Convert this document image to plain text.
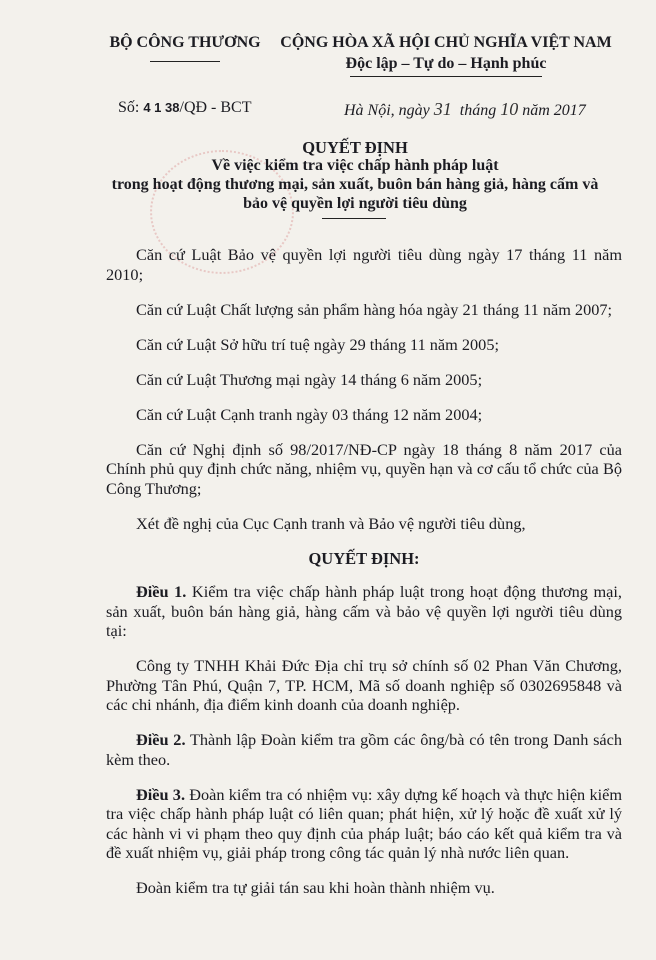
BỘ CÔNG THƯƠNG	CỘNG HÒA XÃ HỘI CHỦ NGHĨA VIỆT NAM
Độc lập – Tự do – Hạnh phúc
Số: 4 1 38/QĐ - BCT	Hà Nội, ngày 31 tháng 10 năm 2017
QUYẾT ĐỊNH
Về việc kiểm tra việc chấp hành pháp luật
trong hoạt động thương mại, sản xuất, buôn bán hàng giả, hàng cấm và
bảo vệ quyền lợi người tiêu dùng

Căn cứ Luật Bảo vệ quyền lợi người tiêu dùng ngày 17 tháng 11 năm 2010;

Căn cứ Luật Chất lượng sản phẩm hàng hóa ngày 21 tháng 11 năm 2007;

Căn cứ Luật Sở hữu trí tuệ ngày 29 tháng 11 năm 2005;

Căn cứ Luật Thương mại ngày 14 tháng 6 năm 2005;

Căn cứ Luật Cạnh tranh ngày 03 tháng 12 năm 2004;

Căn cứ Nghị định số 98/2017/NĐ-CP ngày 18 tháng 8 năm 2017 của Chính phủ quy định chức năng, nhiệm vụ, quyền hạn và cơ cấu tổ chức của Bộ Công Thương;

Xét đề nghị của Cục Cạnh tranh và Bảo vệ người tiêu dùng,

QUYẾT ĐỊNH:

Điều 1. Kiểm tra việc chấp hành pháp luật trong hoạt động thương mại, sản xuất, buôn bán hàng giả, hàng cấm và bảo vệ quyền lợi người tiêu dùng tại:

Công ty TNHH Khải Đức Địa chỉ trụ sở chính số 02 Phan Văn Chương, Phường Tân Phú, Quận 7, TP. HCM, Mã số doanh nghiệp số 0302695848 và các chi nhánh, địa điểm kinh doanh của doanh nghiệp.

Điều 2. Thành lập Đoàn kiểm tra gồm các ông/bà có tên trong Danh sách kèm theo.

Điều 3. Đoàn kiểm tra có nhiệm vụ: xây dựng kế hoạch và thực hiện kiểm tra việc chấp hành pháp luật có liên quan; phát hiện, xử lý hoặc đề xuất xử lý các hành vi vi phạm theo quy định của pháp luật; báo cáo kết quả kiểm tra và đề xuất nhiệm vụ, giải pháp trong công tác quản lý nhà nước liên quan.

Đoàn kiểm tra tự giải tán sau khi hoàn thành nhiệm vụ.
